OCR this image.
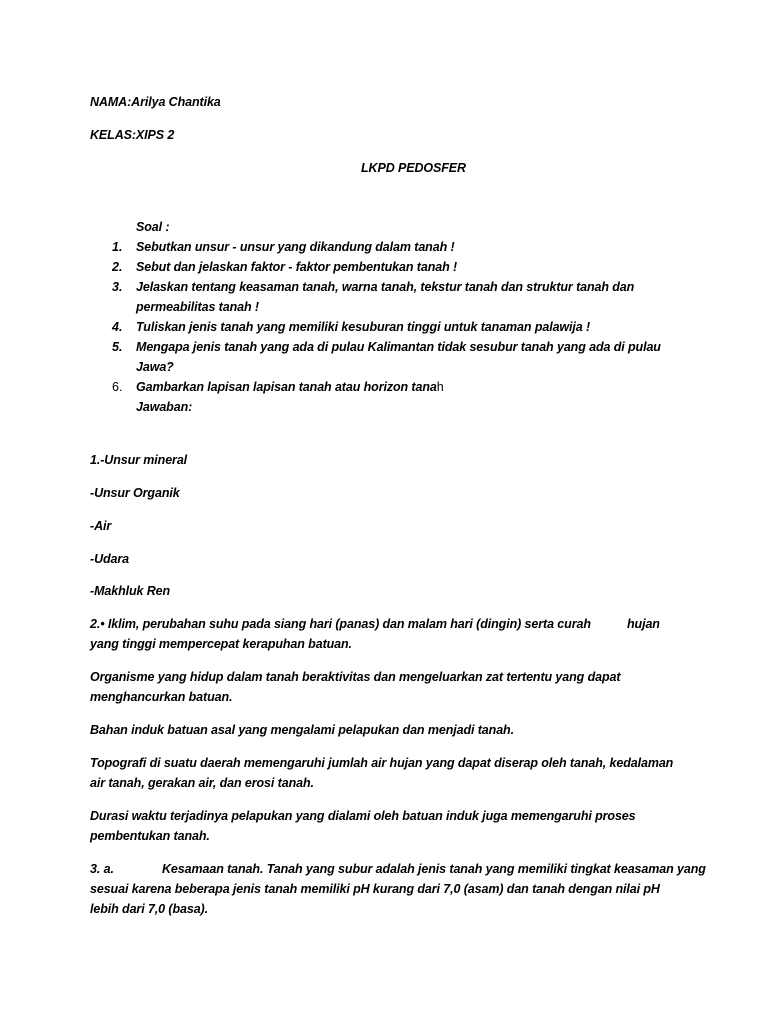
NAMA:Arilya Chantika
KELAS:XIPS 2
LKPD PEDOSFER
Soal :
1. Sebutkan unsur - unsur yang dikandung dalam tanah !
2. Sebut dan jelaskan faktor - faktor pembentukan tanah !
3. Jelaskan tentang keasaman tanah, warna tanah, tekstur tanah dan struktur tanah dan
permeabilitas tanah !
4. Tuliskan jenis tanah yang memiliki kesuburan tinggi untuk tanaman palawija !
5. Mengapa jenis tanah yang ada di pulau Kalimantan tidak sesubur tanah yang ada di pulau
Jawa?
6. Gambarkan lapisan lapisan tanah atau horizon tanah
Jawaban:
1.-Unsur mineral
-Unsur Organik
-Air
-Udara
-Makhluk Ren
2.• Iklim, perubahan suhu pada siang hari (panas) dan malam hari (dingin) serta curah	hujan
yang tinggi mempercepat kerapuhan batuan.
Organisme yang hidup dalam tanah beraktivitas dan mengeluarkan zat tertentu yang dapat
menghancurkan batuan.
Bahan induk batuan asal yang mengalami pelapukan dan menjadi tanah.
Topografi di suatu daerah memengaruhi jumlah air hujan yang dapat diserap oleh tanah, kedalaman
air tanah, gerakan air, dan erosi tanah.
Durasi waktu terjadinya pelapukan yang dialami oleh batuan induk juga memengaruhi proses
pembentukan tanah.
3. a.	Kesamaan tanah. Tanah yang subur adalah jenis tanah yang memiliki tingkat keasaman yang
sesuai karena beberapa jenis tanah memiliki pH kurang dari 7,0 (asam) dan tanah dengan nilai pH
lebih dari 7,0 (basa).
